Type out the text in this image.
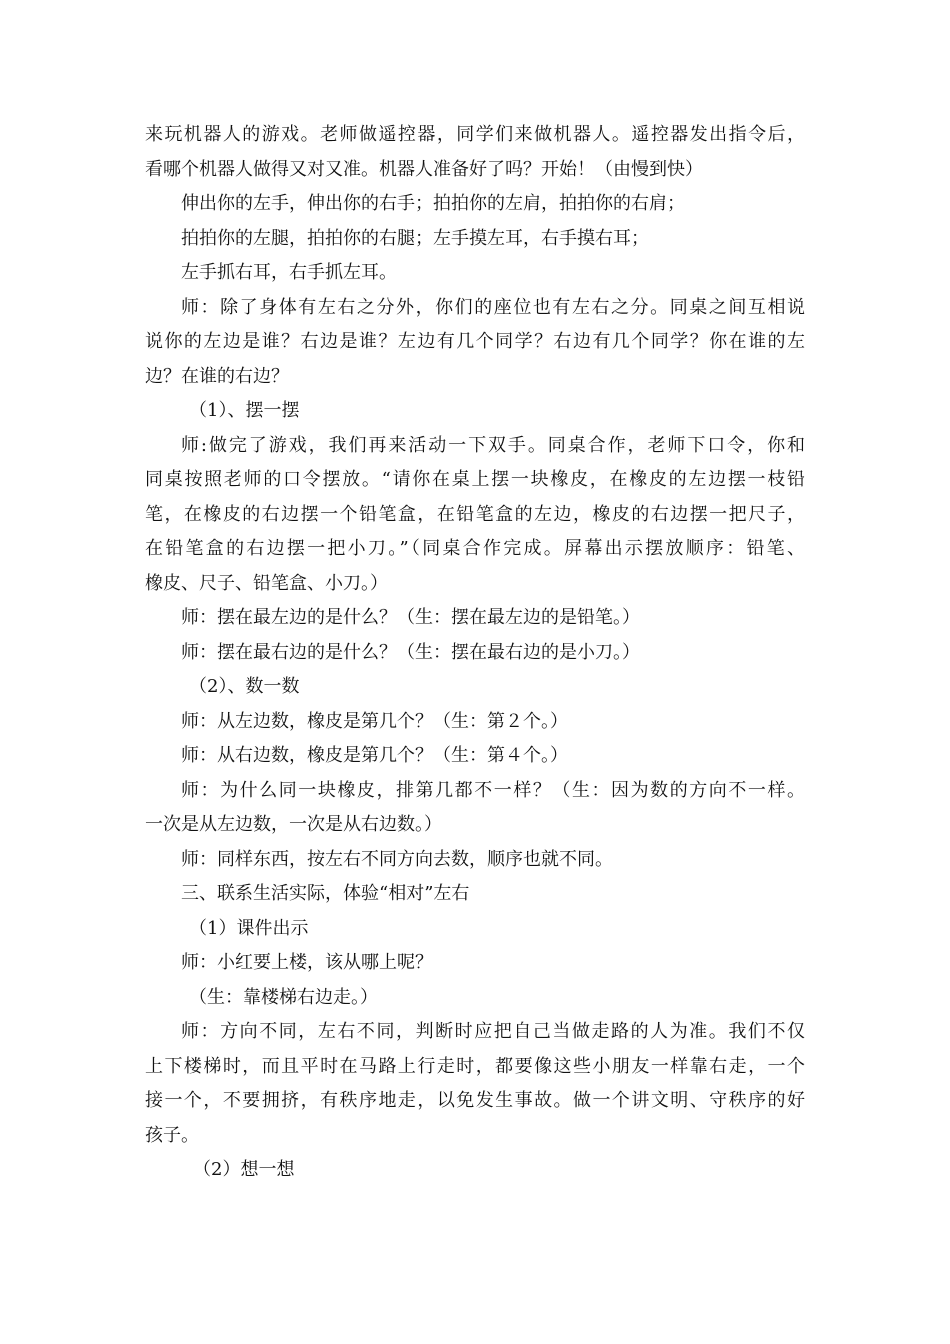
来玩机器人的游戏。老师做遥控器，同学们来做机器人。遥控器发出指令后，
看哪个机器人做得又对又准。机器人准备好了吗？开始！（由慢到快）
伸出你的左手，伸出你的右手；拍拍你的左肩，拍拍你的右肩；
拍拍你的左腿，拍拍你的右腿；左手摸左耳，右手摸右耳；
左手抓右耳，右手抓左耳。
师：除了身体有左右之分外，你们的座位也有左右之分。同桌之间互相说
说你的左边是谁？右边是谁？左边有几个同学？右边有几个同学？你在谁的左
边？在谁的右边？
（1）、摆一摆
师:做完了游戏，我们再来活动一下双手。同桌合作，老师下口令，你和
同桌按照老师的口令摆放。“请你在桌上摆一块橡皮，在橡皮的左边摆一枝铅
笔，在橡皮的右边摆一个铅笔盒，在铅笔盒的左边，橡皮的右边摆一把尺子，
在铅笔盒的右边摆一把小刀。”（同桌合作完成。屏幕出示摆放顺序：铅笔、
橡皮、尺子、铅笔盒、小刀。）
师：摆在最左边的是什么？（生：摆在最左边的是铅笔。）
师：摆在最右边的是什么？（生：摆在最右边的是小刀。）
（2）、数一数
师：从左边数，橡皮是第几个？（生：第２个。）
师：从右边数，橡皮是第几个？（生：第４个。）
师：为什么同一块橡皮，排第几都不一样？（生：因为数的方向不一样。
一次是从左边数，一次是从右边数。）
师：同样东西，按左右不同方向去数，顺序也就不同。
三、联系生活实际，体验“相对”左右
（1）课件出示
师：小红要上楼，该从哪上呢？
（生：靠楼梯右边走。）
师：方向不同，左右不同，判断时应把自己当做走路的人为准。我们不仅
上下楼梯时，而且平时在马路上行走时，都要像这些小朋友一样靠右走，一个
接一个，不要拥挤，有秩序地走，以免发生事故。做一个讲文明、守秩序的好
孩子。
（2）想一想
